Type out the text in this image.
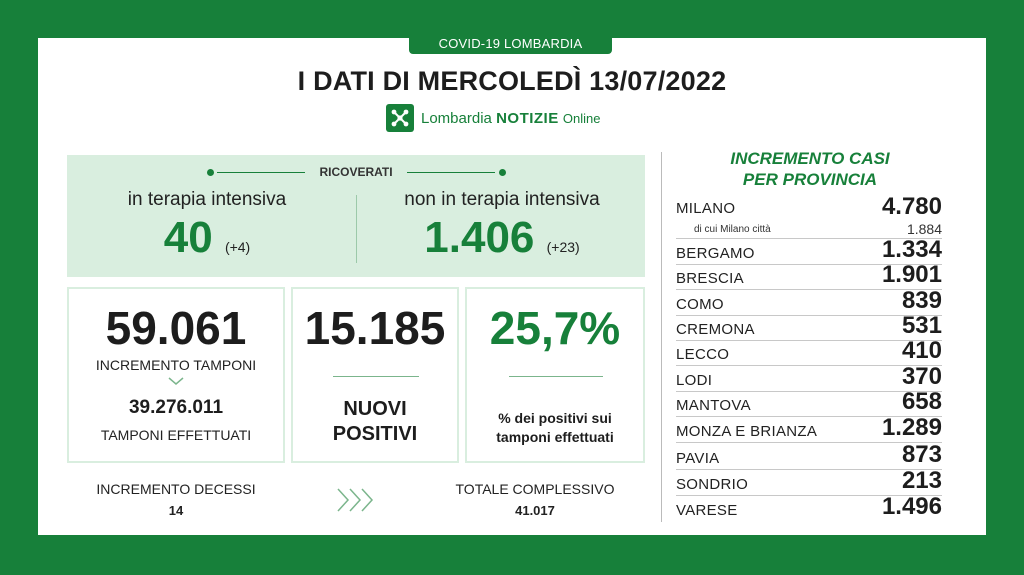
COVID-19 LOMBARDIA
I DATI DI MERCOLEDÌ 13/07/2022
Lombardia NOTIZIE Online
RICOVERATI
in terapia intensiva
40 (+4)
non in terapia intensiva
1.406 (+23)
59.061
INCREMENTO TAMPONI
39.276.011
TAMPONI EFFETTUATI
15.185
NUOVI
POSITIVI
25,7%
% dei positivi sui
tamponi effettuati
INCREMENTO DECESSI
14
TOTALE COMPLESSIVO
41.017
INCREMENTO CASI
PER PROVINCIA
MILANO	4.780
di cui Milano città	1.884
BERGAMO	1.334
BRESCIA	1.901
COMO	839
CREMONA	531
LECCO	410
LODI	370
MANTOVA	658
MONZA E BRIANZA	1.289
PAVIA	873
SONDRIO	213
VARESE	1.496
